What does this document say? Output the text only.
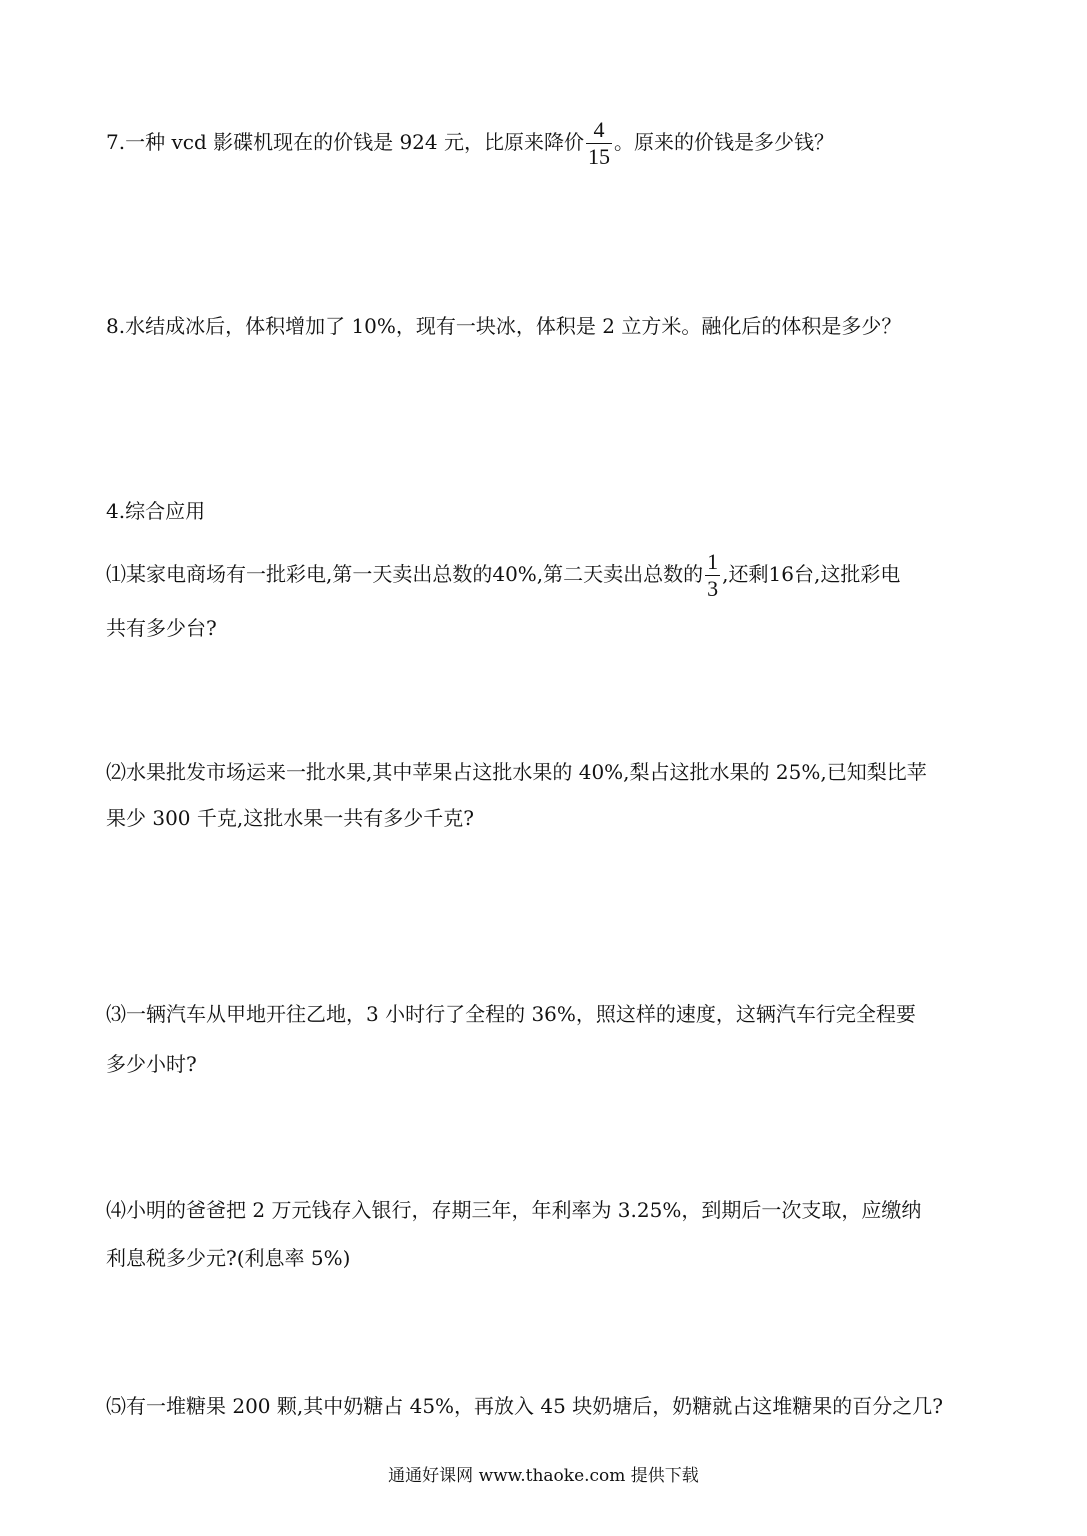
7.一种 vcd 影碟机现在的价钱是 924 元，比原来降价 $\frac{4}{15}$ 。原来的价钱是多少钱？
8.水结成冰后，体积增加了 10%，现有一块冰，体积是 2 立方米。融化后的体积是多少？
4.综合应用
⑴某家电商场有一批彩电,第一天卖出总数的40%,第二天卖出总数的 $\frac{1}{3}$ ,还剩16台,这批彩电
共有多少台?
⑵水果批发市场运来一批水果,其中苹果占这批水果的 40%,梨占这批水果的 25%,已知梨比苹
果少 300 千克,这批水果一共有多少千克?
⑶一辆汽车从甲地开往乙地，3 小时行了全程的 36%，照这样的速度，这辆汽车行完全程要
多少小时?
⑷小明的爸爸把 2 万元钱存入银行，存期三年，年利率为 3.25%，到期后一次支取，应缴纳
利息税多少元?(利息率 5%)
⑸有一堆糖果 200 颗,其中奶糖占 45%，再放入 45 块奶塘后，奶糖就占这堆糖果的百分之几?
通通好课网 www.thaoke.com 提供下载
